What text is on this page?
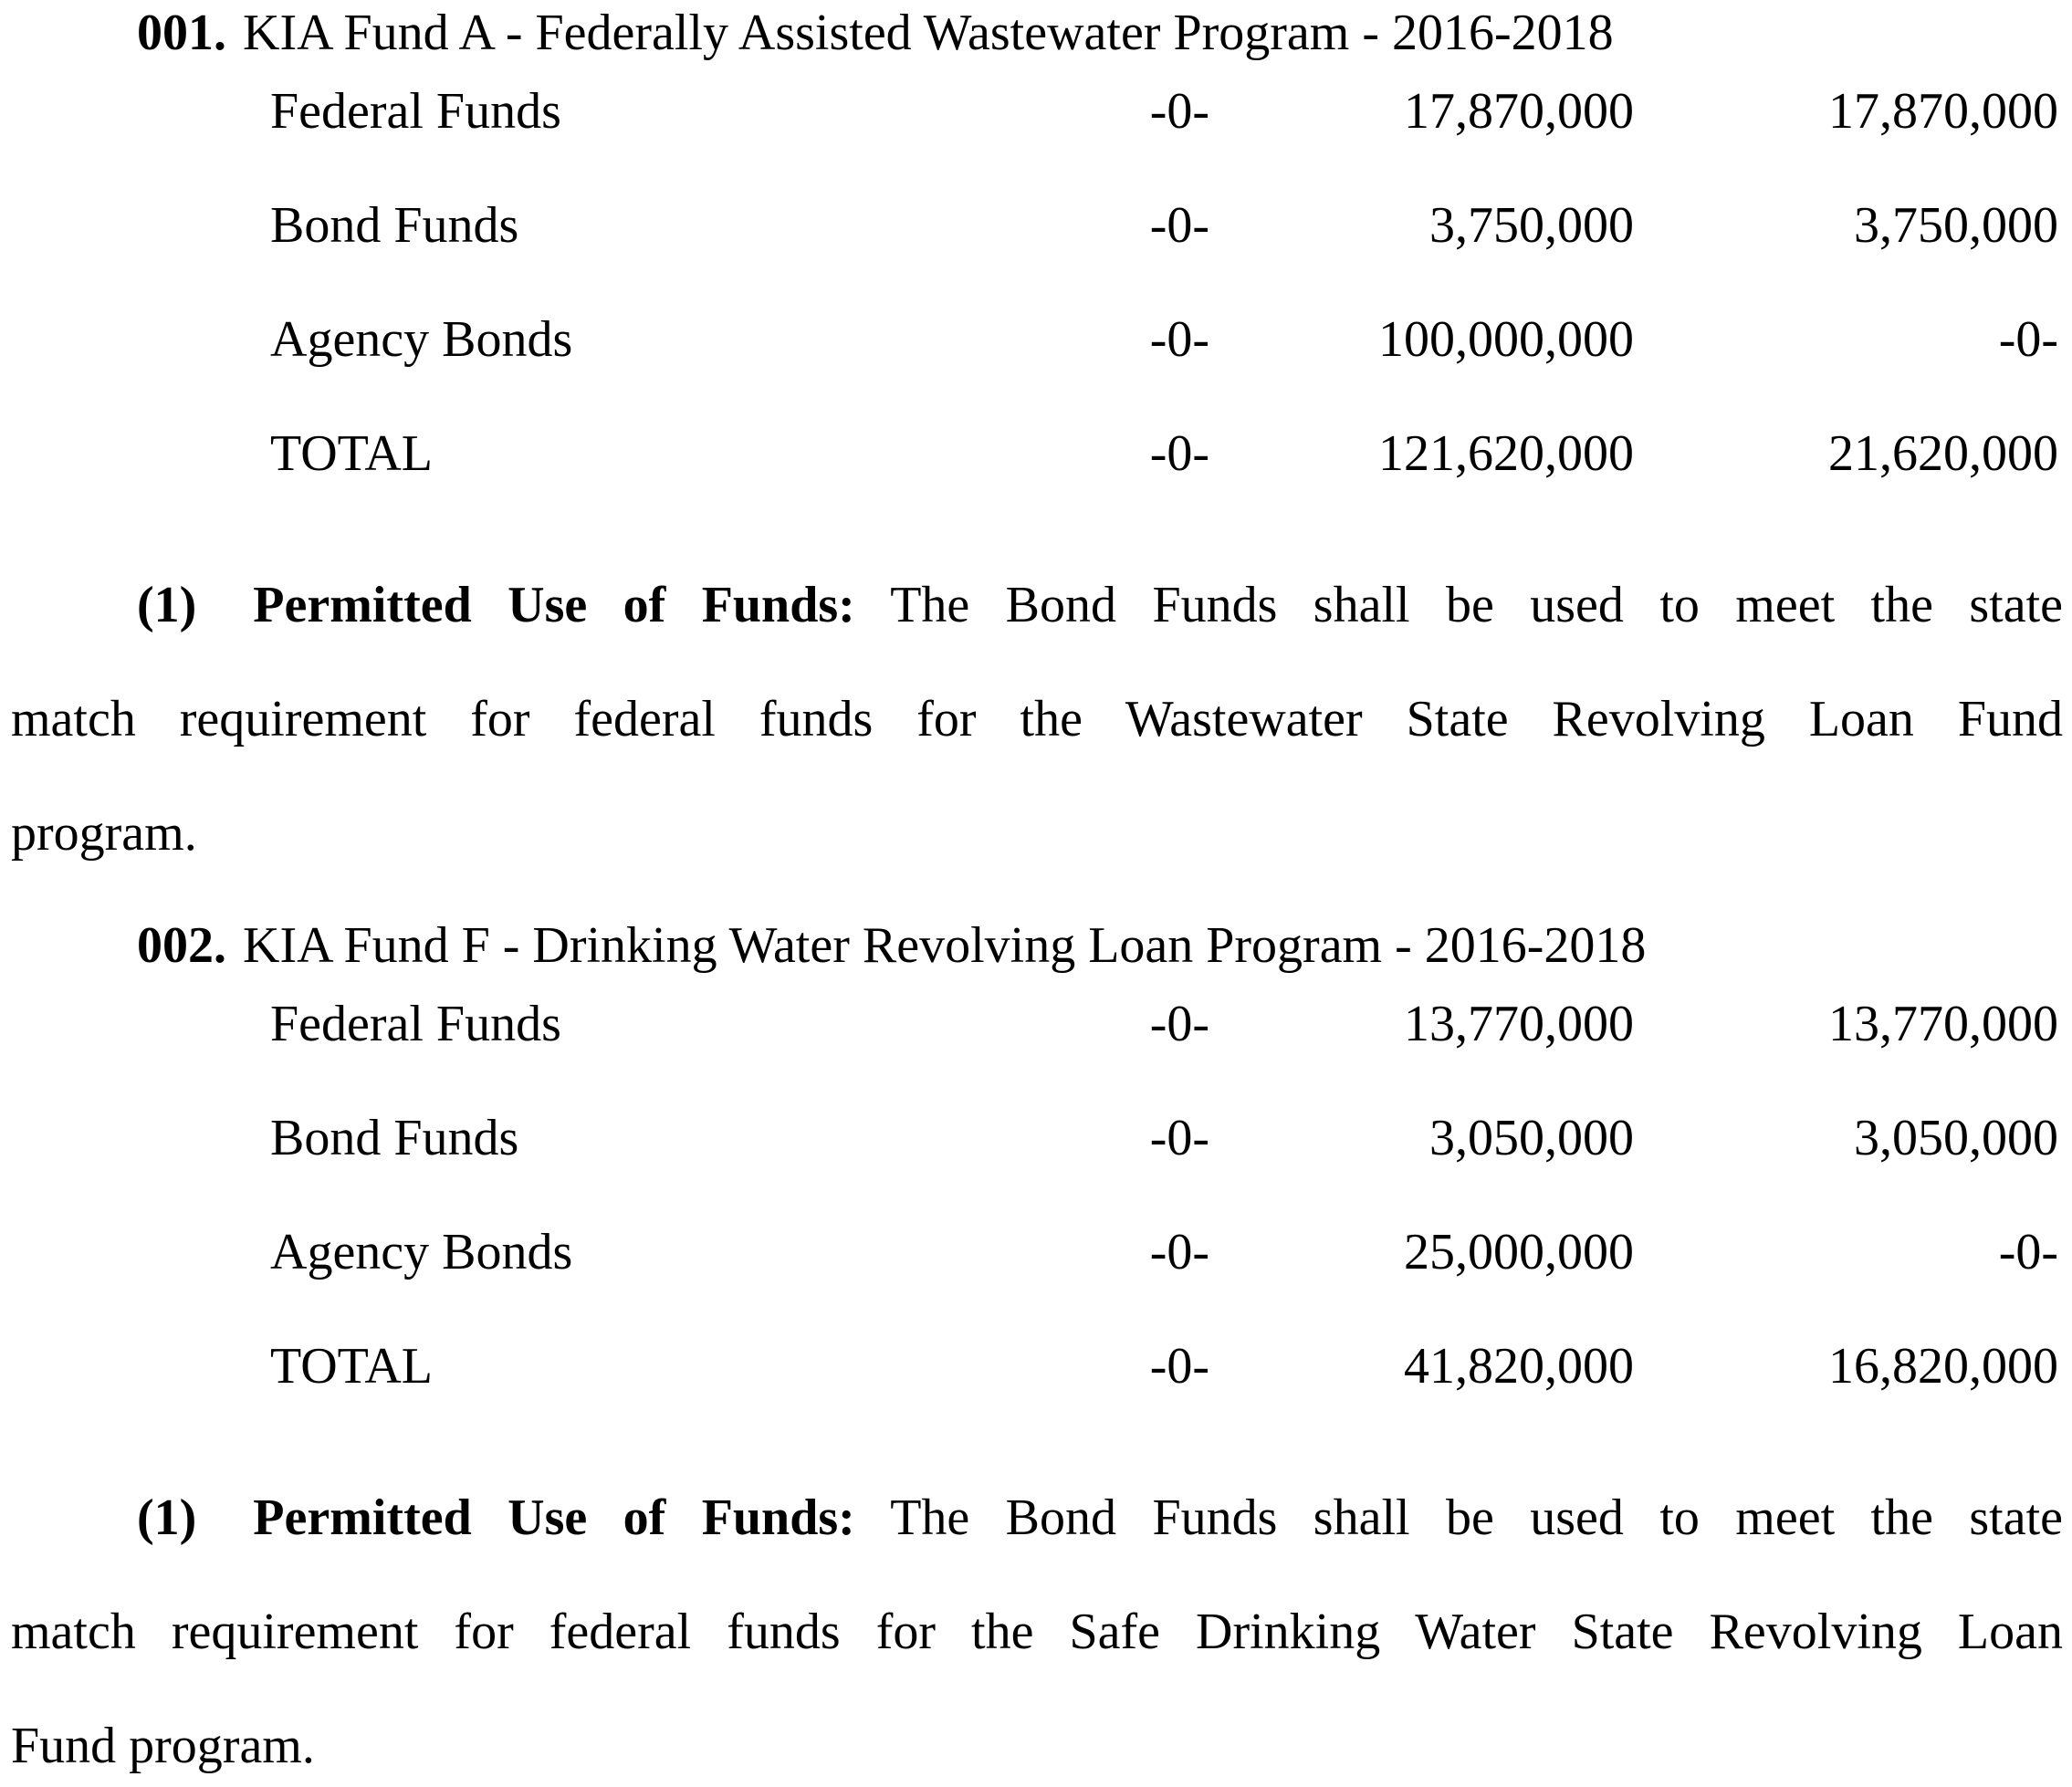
001. KIA Fund A - Federally Assisted Wastewater Program - 2016-2018
Federal Funds	-0-	17,870,000	17,870,000
Bond Funds	-0-	3,750,000	3,750,000
Agency Bonds	-0-	100,000,000	-0-
TOTAL	-0-	121,620,000	21,620,000
(1) Permitted Use of Funds: The Bond Funds shall be used to meet the state
match requirement for federal funds for the Wastewater State Revolving Loan Fund
program.
002. KIA Fund F - Drinking Water Revolving Loan Program - 2016-2018
Federal Funds	-0-	13,770,000	13,770,000
Bond Funds	-0-	3,050,000	3,050,000
Agency Bonds	-0-	25,000,000	-0-
TOTAL	-0-	41,820,000	16,820,000
(1) Permitted Use of Funds: The Bond Funds shall be used to meet the state
match requirement for federal funds for the Safe Drinking Water State Revolving Loan
Fund program.
